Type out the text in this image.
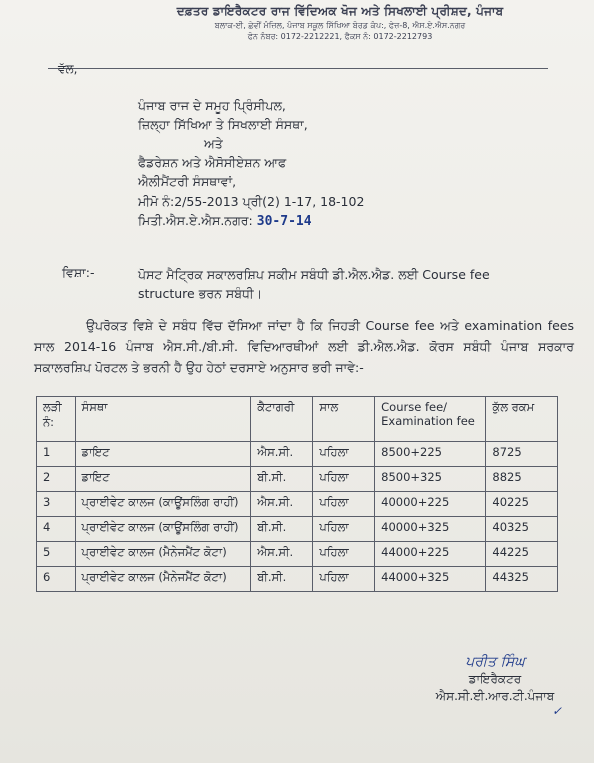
ਦਫ਼ਤਰ ਡਾਇਰੈਕਟਰ ਰਾਜ ਵਿੱਦਿਅਕ ਖੋਜ ਅਤੇ ਸਿਖਲਾਈ ਪ੍ਰੀਸ਼ਦ, ਪੰਜਾਬ
ਬਲਾਕ-ਈ, ਛੇਵੀਂ ਮੰਜ਼ਿਲ, ਪੰਜਾਬ ਸਕੂਲ ਸਿੱਖਿਆ ਬੋਰਡ ਕੰਪ:, ਫੇਜ਼-8, ਐਸ.ਏ.ਐਸ.ਨਗਰ
ਫੋਨ ਨੰਬਰ: 0172-2212221, ਫੈਕਸ ਨੰ: 0172-2212793
ਵੱਲ,
ਪੰਜਾਬ ਰਾਜ ਦੇ ਸਮੂਹ ਪ੍ਰਿੰਸੀਪਲ,
ਜ਼ਿਲ੍ਹਾ ਸਿੱਖਿਆ ਤੇ ਸਿਖਲਾਈ ਸੰਸਥਾ,
ਅਤੇ
ਫੈਡਰੇਸ਼ਨ ਅਤੇ ਐਸੋਸੀਏਸ਼ਨ ਆਫ
ਐਲੀਮੈਂਟਰੀ ਸੰਸਥਾਵਾਂ,
ਮੀਮੋ ਨੰ:2/55-2013 ਪ੍ਰੀ(2) 1-17, 18-102
ਮਿਤੀ.ਐਸ.ਏ.ਐਸ.ਨਗਰ: 30-7-14
ਵਿਸ਼ਾ:-	ਪੋਸਟ ਮੈਟ੍ਰਿਕ ਸਕਾਲਰਸ਼ਿਪ ਸਕੀਮ ਸਬੰਧੀ ਡੀ.ਐਲ.ਐਡ. ਲਈ Course fee structure ਭਰਨ ਸਬੰਧੀ।
ਉਪਰੋਕਤ ਵਿਸ਼ੇ ਦੇ ਸਬੰਧ ਵਿੱਚ ਦੱਸਿਆ ਜਾਂਦਾ ਹੈ ਕਿ ਜਿਹੜੀ Course fee ਅਤੇ examination fees ਸਾਲ 2014-16 ਪੰਜਾਬ ਐਸ.ਸੀ./ਬੀ.ਸੀ. ਵਿਦਿਆਰਥੀਆਂ ਲਈ ਡੀ.ਐਲ.ਐਡ. ਕੋਰਸ ਸਬੰਧੀ ਪੰਜਾਬ ਸਰਕਾਰ ਸਕਾਲਰਸ਼ਿਪ ਪੋਰਟਲ ਤੇ ਭਰਨੀ ਹੈ ਉਹ ਹੇਠਾਂ ਦਰਸਾਏ ਅਨੁਸਾਰ ਭਰੀ ਜਾਵੇ:-
ਲੜੀ ਨੰ:	ਸੰਸਥਾ	ਕੈਟਾਗਰੀ	ਸਾਲ	Course fee/ Examination fee	ਕੁੱਲ ਰਕਮ
1	ਡਾਇਟ	ਐਸ.ਸੀ.	ਪਹਿਲਾ	8500+225	8725
2	ਡਾਇਟ	ਬੀ.ਸੀ.	ਪਹਿਲਾ	8500+325	8825
3	ਪ੍ਰਾਈਵੇਟ ਕਾਲਜ (ਕਾਊਂਸਲਿੰਗ ਰਾਹੀਂ)	ਐਸ.ਸੀ.	ਪਹਿਲਾ	40000+225	40225
4	ਪ੍ਰਾਈਵੇਟ ਕਾਲਜ (ਕਾਊਂਸਲਿੰਗ ਰਾਹੀਂ)	ਬੀ.ਸੀ.	ਪਹਿਲਾ	40000+325	40325
5	ਪ੍ਰਾਈਵੇਟ ਕਾਲਜ (ਮੈਨੇਜਮੈਂਟ ਕੋਟਾ)	ਐਸ.ਸੀ.	ਪਹਿਲਾ	44000+225	44225
6	ਪ੍ਰਾਈਵੇਟ ਕਾਲਜ (ਮੈਨੇਜਮੈਂਟ ਕੋਟਾ)	ਬੀ.ਸੀ.	ਪਹਿਲਾ	44000+325	44325
ਪਰੀਤ ਸਿੰਘ
ਡਾਇਰੈਕਟਰ
ਐਸ.ਸੀ.ਈ.ਆਰ.ਟੀ.ਪੰਜਾਬ
✓
